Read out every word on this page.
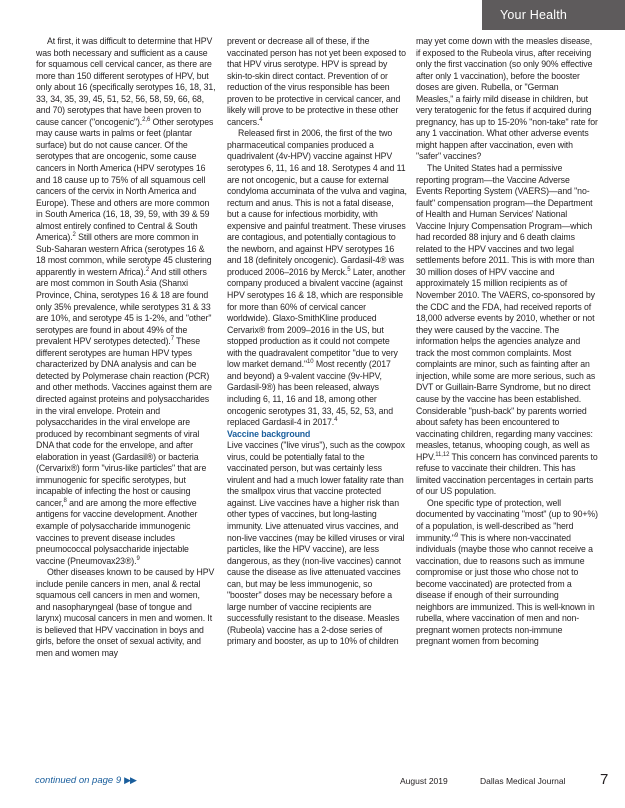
Your Health

At first, it was difficult to determine that HPV was both necessary and sufficient as a cause for squamous cell cervical cancer, as there are more than 150 different serotypes of HPV, but only about 16 (specifically serotypes 16, 18, 31, 33, 34, 35, 39, 45, 51, 52, 56, 58, 59, 66, 68, and 70) serotypes that have been proven to cause cancer ("oncogenic").$^{2,6}$ Other serotypes may cause warts in palms or feet (plantar surface) but do not cause cancer. Of the serotypes that are oncogenic, some cause cancers in North America (HPV serotypes 16 and 18 cause up to 75% of all squamous cell cancers of the cervix in North America and Europe). These and others are more common in South America (16, 18, 39, 59, with 39 & 59 almost entirely confined to Central & South America).$^2$ Still others are more common in Sub-Saharan western Africa (serotypes 16 & 18 most common, while serotype 45 clustering apparently in western Africa).$^2$ And still others are most common in South Asia (Shanxi Province, China, serotypes 16 & 18 are found only 35% prevalence, while serotypes 31 & 33 are 10%, and serotype 45 is 1-2%, and "other" serotypes are found in about 49% of the prevalent HPV serotypes detected).$^7$ These different serotypes are human HPV types characterized by DNA analysis and can be detected by Polymerase chain reaction (PCR) and other methods. Vaccines against them are directed against proteins and polysaccharides in the viral envelope. Protein and polysaccharides in the viral envelope are produced by recombinant segments of viral DNA that code for the envelope, and after elaboration in yeast (Gardasil®) or bacteria (Cervarix®) form "virus-like particles" that are immunogenic for specific serotypes, but incapable of infecting the host or causing cancer,$^8$ and are among the more effective antigens for vaccine development. Another example of polysaccharide immunogenic vaccines to prevent disease includes pneumococcal polysaccharide injectable vaccine (Pneumovax23®).$^9$

Other diseases known to be caused by HPV include penile cancers in men, anal & rectal squamous cell cancers in men and women, and nasopharyngeal (base of tongue and larynx) mucosal cancers in men and women. It is believed that HPV vaccination in boys and girls, before the onset of sexual activity, and men and women may

prevent or decrease all of these, if the vaccinated person has not yet been exposed to that HPV virus serotype. HPV is spread by skin-to-skin direct contact. Prevention of or reduction of the virus responsible has been proven to be protective in cervical cancer, and likely will prove to be protective in these other cancers.$^4$

Released first in 2006, the first of the two pharmaceutical companies produced a quadrivalent (4v-HPV) vaccine against HPV serotypes 6, 11, 16 and 18. Serotypes 4 and 11 are not oncogenic, but a cause for external condyloma accuminata of the vulva and vagina, rectum and anus. This is not a fatal disease, but a cause for infectious morbidity, with expensive and painful treatment. These viruses are contagious, and potentially contagious to the newborn, and against HPV serotypes 16 and 18 (definitely oncogenic). Gardasil-4® was produced 2006–2016 by Merck.$^5$ Later, another company produced a bivalent vaccine (against HPV serotypes 16 & 18, which are responsible for more than 60% of cervical cancer worldwide). Glaxo-SmithKline produced Cervarix® from 2009–2016 in the US, but stopped production as it could not compete with the quadravalent competitor "due to very low market demand."$^{10}$ Most recently (2017 and beyond) a 9-valent vaccine (9v-HPV, Gardasil-9®) has been released, always including 6, 11, 16 and 18, among other oncogenic serotypes 31, 33, 45, 52, 53, and replaced Gardasil-4 in 2017.$^4$

Vaccine background

Live vaccines ("live virus"), such as the cowpox virus, could be potentially fatal to the vaccinated person, but was certainly less virulent and had a much lower fatality rate than the smallpox virus that vaccine protected against. Live vaccines have a higher risk than other types of vaccines, but long-lasting immunity. Live attenuated virus vaccines, and non-live vaccines (may be killed viruses or viral particles, like the HPV vaccine), are less dangerous, as they (non-live vaccines) cannot cause the disease as live attenuated vaccines can, but may be less immunogenic, so "booster" doses may be necessary before a large number of vaccine recipients are successfully resistant to the disease. Measles (Rubeola) vaccine has a 2-dose series of primary and booster, as up to 10% of children

may yet come down with the measles disease, if exposed to the Rubeola virus, after receiving only the first vaccination (so only 90% effective after only 1 vaccination), before the booster doses are given. Rubella, or "German Measles," a fairly mild disease in children, but very teratogenic for the fetus if acquired during pregnancy, has up to 15-20% "non-take" rate for any 1 vaccination. What other adverse events might happen after vaccination, even with "safer" vaccines?

The United States had a permissive reporting program—the Vaccine Adverse Events Reporting System (VAERS)—and "no-fault" compensation program—the Department of Health and Human Services' National Vaccine Injury Compensation Program—which had recorded 88 injury and 6 death claims related to the HPV vaccines and two legal settlements before 2011. This is with more than 30 million doses of HPV vaccine and approximately 15 million recipients as of November 2010. The VAERS, co-sponsored by the CDC and the FDA, had received reports of 18,000 adverse events by 2010, whether or not they were caused by the vaccine. The information helps the agencies analyze and track the most common complaints. Most complaints are minor, such as fainting after an injection, while some are more serious, such as DVT or Guillain-Barre Syndrome, but no direct cause by the vaccine has been established. Considerable "push-back" by parents worried about safety has been encountered to vaccinating children, regarding many vaccines: measles, tetanus, whooping cough, as well as HPV.$^{11,12}$ This concern has convinced parents to refuse to vaccinate their children. This has limited vaccination percentages in certain parts of our US population.

One specific type of protection, well documented by vaccinating "most" (up to 90+%) of a population, is well-described as "herd immunity."$^9$ This is where non-vaccinated individuals (maybe those who cannot receive a vaccination, due to reasons such as immune compromise or just those who chose not to become vaccinated) are protected from a disease if enough of their surrounding neighbors are immunized. This is well-known in rubella, where vaccination of men and non-pregnant women protects non-immune pregnant women from becoming

continued on page 9 ▶▶	August 2019	Dallas Medical Journal 7
